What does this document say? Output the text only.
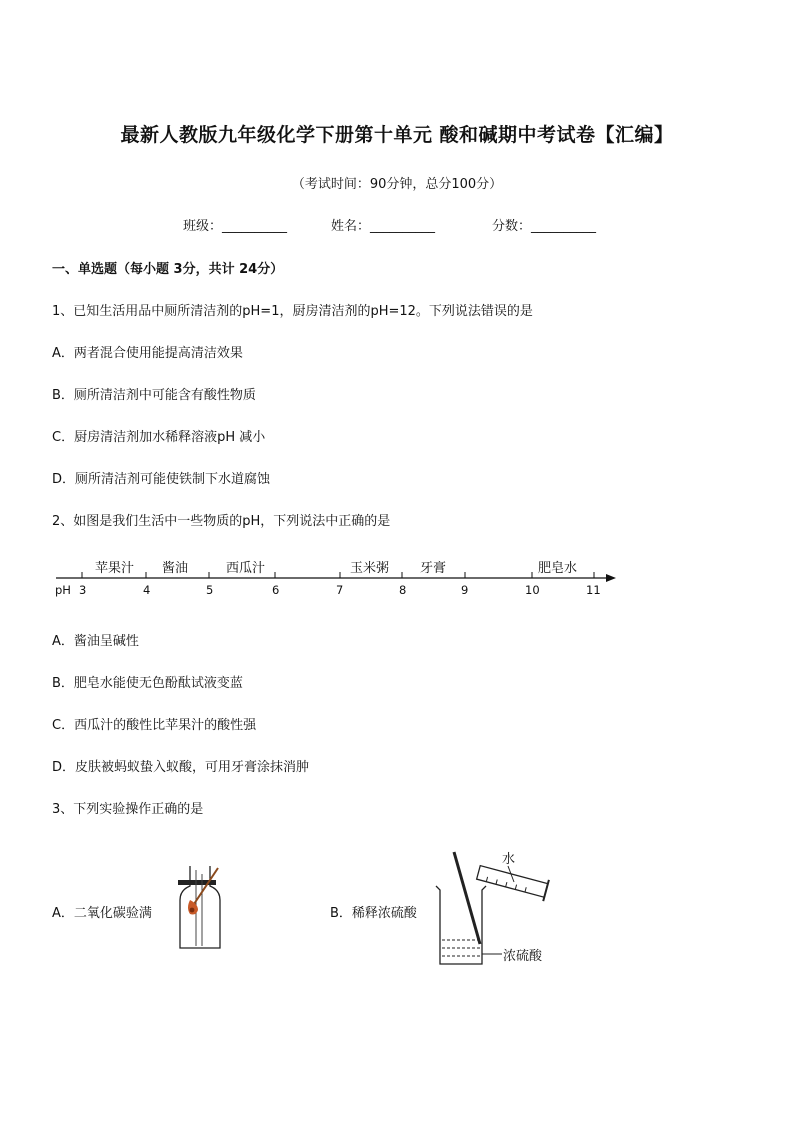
最新人教版九年级化学下册第十单元 酸和碱期中考试卷【汇编】
（考试时间：90分钟，总分100分）
班级：__________	姓名：__________	分数：__________
一、单选题（每小题 3分，共计 24分）
1、已知生活用品中厕所清洁剂的pH=1，厨房清洁剂的pH=12。下列说法错误的是
A．两者混合使用能提高清洁效果
B．厕所清洁剂中可能含有酸性物质
C．厨房清洁剂加水稀释溶液pH 减小
D．厕所清洁剂可能使铁制下水道腐蚀
2、如图是我们生活中一些物质的pH，下列说法中正确的是
苹果汁 酱油	西瓜汁	玉米粥 牙膏	肥皂水
pH 3	4	5	6	7	8	9	10	11
A．酱油呈碱性
B．肥皂水能使无色酚酞试液变蓝
C．西瓜汁的酸性比苹果汁的酸性强
D．皮肤被蚂蚁蛰入蚁酸，可用牙膏涂抹消肿
3、下列实验操作正确的是
A．二氧化碳验满
水
浓硫酸
B．稀释浓硫酸
